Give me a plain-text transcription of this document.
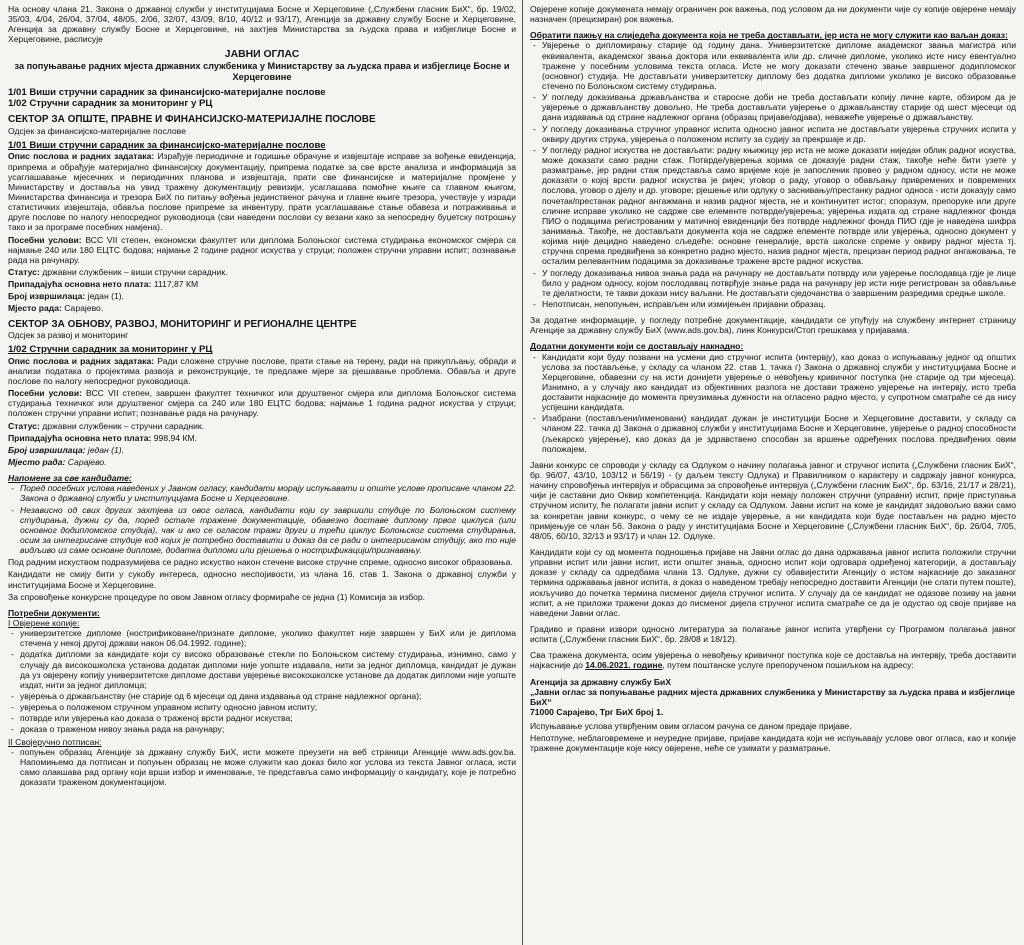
На основу члана 21. Закона о државној служби у институцијама Босне и Херцеговине („Службени гласник БиХ“, бр. 19/02, 35/03, 4/04, 26/04, 37/04, 48/05, 2/06, 32/07, 43/09, 8/10, 40/12 и 93/17), Агенција за државну службу Босне и Херцеговине, Агенција за државну службу Босне и Херцеговине, на захтјев Министарства за људска права и избјеглице Босне и Херцеговине, расписује

ЈАВНИ ОГЛАС
за попуњавање радних мјеста државних службеника у Министарству за људска права и избјеглице Босне и Херцеговине
1/01 Виши стручни сарадник за финансијско-материјалне послове
1/02 Стручни сарадник за мониторинг у РЦ
СЕКТОР ЗА ОПШТЕ, ПРАВНЕ И ФИНАНСИЈСКО-МАТЕРИЈАЛНЕ ПОСЛОВЕ
Одсјек за финансијско-материјалне послове
1/01 Виши стручни сарадник за финансијско-материјалне послове

Опис послова и радних задатака: Израђује периодичне и годишње обрачуне и извјештаје исправе за вођење евиденција, припрема и обрађује материјално финансијску документацију, припрема податке за све врсте анализа и информација за усаглашавање мјесечних и периодичних планова и извјештаја, прати све финансијске и материјалне промјене у Министарству и доставља на увид тражену документацију ревизији, усаглашава помоћне књиге са главном књигом, Министарства финансија и трезора БиХ по питању вођења јединственог рачуна и главне књиге трезора, учествује у изради статистичких извјештаја, обавља послове припреме за инвентуру, прати усаглашавање стање обавеза и потраживања и друге послове по налогу непосредног руководиоца (сви наведени послови су везани како за непосредну буџетску потрошњу тако и за програме посебних намјена).

Посебни услови: ВСС VII степен, економски факултет или дипломa Болоњског система студирања економског смјера са најмање 240 или 180 ЕЦТС бодова; најмање 2 године радног искуства у струци; положен стручни управни испит; познавање рада на рачунару.

Статус: државни службеник – виши стручни сарадник.

Припадајућа основна нето плата: 1117,87 КМ

Број извршилаца: један (1).

Мјесто рада: Сарајево.

СЕКТОР ЗА ОБНОВУ, РАЗВОЈ, МОНИТОРИНГ И РЕГИОНАЛНЕ ЦЕНТРЕ
Одсјек за развој и мониторинг
1/02 Стручни сарадник за мониторинг у РЦ

Опис послова и радних задатака: Ради сложене стручне послове, прати стање на терену, ради на прикупљању, обради и анализи података о пројектима развоја и реконструкције, те предлаже мјере за рјешавање проблема. Обавља и друге послове по налогу непосредног руководиоца.

Посебни услови: ВСС VII степен, завршен факултет техничког или друштвеног смјера или диплома Болоњског система студирања техничког или друштвеног смјера са 240 или 180 ЕЦТС бодова; најмање 1 година радног искуства у струци; положен стручни управни испит; познавање рада на рачунару.

Статус: државни службеник – стручни сарадник.

Припадајућа основна нето плата: 998,94 КМ.

Број извршилаца: један (1).

Мјесто рада: Сарајево.

Напомене за све кандидате:
- Поред посебних услова наведених у Јавном огласу, кандидати морају испуњавати и опште услове прописане чланом 22. Закона о државној служби у институцијама Босне и Херцеговине.
- Независно од свих других захтјева из овог огласа, кандидати који су завршили студије по Болоњском систему студирања, дужни су да, поред остале тражене документације, обавезно доставе диплому првог циклуса (или основног додипломског студија), чак и ако се огласом тражи други и трећи циклус Болоњског система студирања, осим за интегрисане студије код којих је потребно доставити и доказ да се ради о интегрисаном студију, ако то није видљиво из саме основне дипломе, додатка дипломи или рјешења о нострификацији/признавању.

Под радним искуством подразумијева се радно искуство након стечене високе стручне спреме, односно високог образовања.

Кандидати не смију бити у сукобу интереса, односно неспојивости, из члана 16. став 1. Закона о државној служби у институцијама Босне и Херцеговине.

За спровођење конкурсне процедуре по овом Јавном огласу формираће се једна (1) Комисија за избор.

Потребни документи:
I Овјерене копије:
- универзитетске дипломе (нострификоване/признате дипломе, уколико факултет није завршен у БиХ или је диплома стечена у некој другој држави након 06.04.1992. године);
- додатка дипломи за кандидате који су високо образовање стекли по Болоњском систему студирања, изнимно, само у случају да високошколска установа додатак дипломи није уопште издавала, нити за једног дипломца, кандидат је дужан да уз овјерену копију универзитетске дипломе достави увјерење високошколске установе да додатак дипломи није уопште издат, нити за једног дипломца;
- увјерења о држављанству (не старије од 6 мјесеци од дана издавања од стране надлежног органа);
- увјерења о положеном стручном управном испиту односно јавном испиту;
- потврде или увјерења као доказа о траженој врсти радног искуства;
- доказа о траженом нивоу знања рада на рачунару;
II Својеручно потписан:
- попуњен образац Агенције за државну службу БиХ, исти можете преузети на веб страници Агенције www.ads.gov.ba. Напомињемо да потписан и попуњен образац не може служити као доказ било ког услова из текста Јавног огласа, исти само олакшава рад органу који врши избор и именовање, те представља само информацију о кандидату, које је потребно доказати траженом документацијом.

Овјерене копије докумената немају ограничен рок важења, под условом да ни документи чије су копије овјерене немају назначен (прецизиран) рок важења.

Обратити пажњу на слиједећа документа која не треба достављати, јер иста не могу служити као ваљан доказ:
- Увјерење о дипломирању старије од годину дана. Универзитетске дипломе академског звања магистра или еквивалента, академског звања доктора или еквивалента или др. сличне дипломе, уколико исте нису евентуално тражене у посебним условима текста огласа. Исте не могу доказати стечено звање завршеног додипломског (основног) студија. Не достављати универзитетску диплому без додатка дипломи уколико је високо образовање стечено по Болоњском систему студирања.
- У погледу доказивања држављанства и старосне доби не треба достављати копију личне карте, обзиром да је увјерење о држављанству довољно. Не треба достављати увјерење о држављанству старије од шест мјесеци од дана издавања од стране надлежног органа (образац пријаве/одјава), неважеће увјерење о држављанству.
- У погледу доказивања стручног управног испита односно јавног испита не достављати увјерења стручних испита у оквиру других струка, увјерења о положеном испиту за судију за прекршаје и др.
- У погледу радног искуства не достављати: радну књижицу јер иста не може доказати ниједан облик радног искуства, може доказати само радни стаж. Потврде/увјерења којима се доказује радни стаж, такође неће бити узете у разматрање, јер радни стаж представља само вријеме које је запосленик провео у радном односу, исти не може доказати о којој врсти радног искуства је ријеч; уговор о раду, уговор о обављању привремених и повремених послова, уговор о дјелу и др. уговоре; рјешење или одлуку о заснивању/престанку радног односа - исти доказују само почетак/престанак радног ангажмана и назив радног мјеста, не и континуитет истог; споразум, препоруке или друге сличне исправе уколико не садрже све елементе потврде/увјерења; увјерења издата од стране надлежног фонда ПИО о подацима регистрованим у матичној евиденцији без потврде надлежног фонда ПИО гдје је наведена шифра занимања. Такође, не достављати документа која не садрже елементе потврде или увјерења, односно документ у којима није децидно наведено сљедеће: основне генералије, врста школске спреме у оквиру радног мјеста тј. стручна спрема предвиђена за конкретно радно мјесто, назив радног мјеста, прецизан период радног ангажовања, те осталим релевантним подацима за доказивање тражене врсте радног искуства.
- У погледу доказивања нивоа знања рада на рачунару не достављати потврду или увјерење послодавца гдје је лице било у радном односу, којом послодавац потврђује знање рада на рачунару јер исти није регистрован за обављање те дјелатности, те такви докази нису ваљани. Не достављати сједочанства о завршеним разредима средње школе.
- Непотписан, непопуњен, исправљен или измијењен пријавни образац.

За додатне информације, у погледу потребне документације, кандидати се упућују на службену интернет страницу Агенције за државну службу БиХ (www.ads.gov.ba), линк Конкурси/Стоп грешкама у пријавама.

Додатни документи који се достављају накнадно:
- Кандидати који буду позвани на усмени дио стручног испита (интервју), као доказ о испуњавању једног од општих услова за постављење, у складу са чланом 22. став 1. тачка г) Закона о државној служби у институцијама Босне и Херцеговине, обавезни су на исти донијети увјерење о невођењу кривичног поступка (не старије од три мјесеца). Изнимно, а у случају ако кандидат из објективних разлога не достави тражено увјерење на интервју, исто треба доставити најкасније до момента преузимања дужности на огласено радно мјесто, у супротном сматраће се да нису успјешни кандидата.
- Изабрани (постављени/именовани) кандидат дужан је институцији Босне и Херцеговине доставити, у складу са чланом 22. тачка д) Закона о државној служби у институцијама Босне и Херцеговине, увјерење о радној способности (љекарско увјерење), као доказ да је здравствено способан за вршење одређених послова предвиђених овим положајем.

Јавни конкурс се спроводи у складу са Одлуком о начину полагања јавног и стручног испита („Службени гласник БиХ“, бр. 96/07, 43/10, 103/12 и 56/19) - (у даљем тексту Одлука) и Правилником о карактеру и садржају јавног конкурса, начину спровођења интервјуа и обрасцима за спровођење интервјуа („Службени гласник БиХ“, бр. 63/16, 21/17 и 28/21), чији је саставни дио Оквир компетенција. Кандидати који немају положен стручни (управни) испит, прије приступања стручном испиту, ће полагати јавни испит у складу са Одлуком. Јавни испит на коме је кандидат задовољио важи само за конкретан јавни конкурс, о чему се не издаје увјерење, а ни кандидата који буде постављен на радно мјесто примјењује се члан 56. Закона о раду у институцијама Босне и Херцеговине („Службени гласник БиХ“, бр. 26/04, 7/05, 48/05, 60/10, 32/13 и 93/17) и члан 12. Одлуке.

Кандидати који су од момента подношења пријаве на Јавни оглас до дана одржавања јавног испита положили стручни управни испит или јавни испит, исти општег знања, односно испит који одговара одређеној категорији, а достављају доказе у складу са одредбама члана 13. Одлуке, дужни су обавијестити Агенцију о истом најкасније до заказаног термина одржавања јавног испита, а доказ о наведеном требају непосредно доставити Агенцији (не слати путем поште), искључиво до почетка термина писменог дијела стручног испита. У случају да се кандидат не одазове позиву на јавни испит, а не приложи тражени доказ до писменог дијела стручног испита сматраће се да је одустао од своје пријаве на наведени Јавни оглас.

Градиво и правни извори односно литература за полагање јавног испита утврђени су Програмом полагања јавног испита („Службени гласник БиХ“, бр. 28/08 и 18/12).

Сва тражена документа, осим увјерења о невођењу кривичног поступка које се доставља на интервју, треба доставити најкасније до 14.06.2021. године, путем поштанске услуге препорученом пошиљком на адресу:

Агенција за државну службу БиХ
„Јавни оглас за попуњавање радних мјеста државних службеника у Министарству за људска права и избјеглице БиХ“
71000 Сарајево, Трг БиХ број 1.

Испуњавање услова утврђеним овим огласом рачуна се даном предаје пријаве.

Непотпуне, неблаговремене и неуредне пријаве, пријаве кандидата који не испуњавају услове овог огласа, као и копије тражене документације које нису овјерене, неће се узимати у разматрање.
